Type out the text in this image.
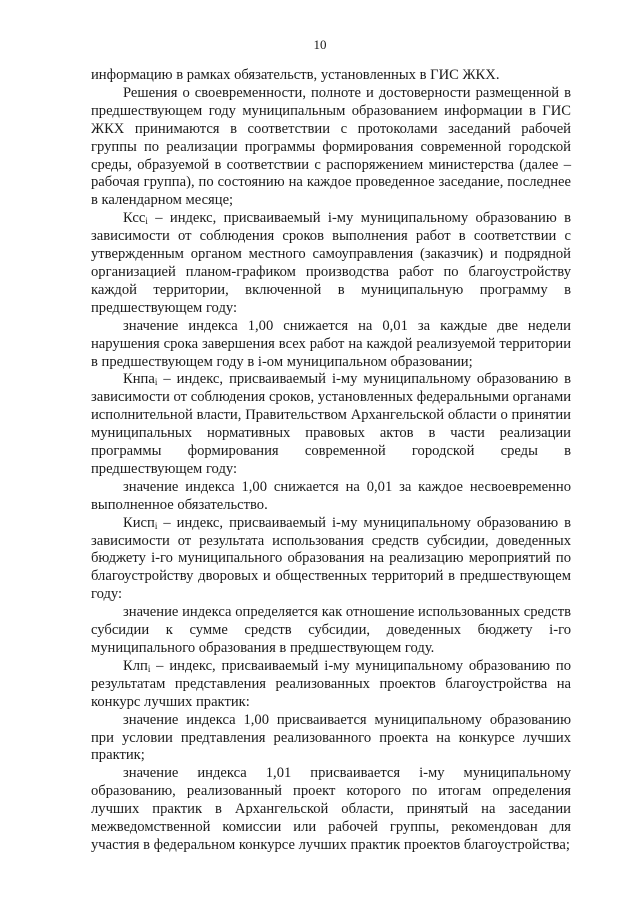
10

информацию в рамках обязательств, установленных в ГИС ЖКХ.

Решения о своевременности, полноте и достоверности размещенной в предшествующем году муниципальным образованием информации в ГИС ЖКХ принимаются в соответствии с протоколами заседаний рабочей группы по реализации программы формирования современной городской среды, образуемой в соответствии с распоряжением министерства (далее – рабочая группа), по состоянию на каждое проведенное заседание, последнее в календарном месяце;

Ксс$_i$ – индекс, присваиваемый i-му муниципальному образованию в зависимости от соблюдения сроков выполнения работ в соответствии с утвержденным органом местного самоуправления (заказчик) и подрядной организацией планом-графиком производства работ по благоустройству каждой территории, включенной в муниципальную программу в предшествующем году:

значение индекса 1,00 снижается на 0,01 за каждые две недели нарушения срока завершения всех работ на каждой реализуемой территории в предшествующем году в i-ом муниципальном образовании;

Кнпа$_i$ – индекс, присваиваемый i-му муниципальному образованию в зависимости от соблюдения сроков, установленных федеральными органами исполнительной власти, Правительством Архангельской области о принятии муниципальных нормативных правовых актов в части реализации программы формирования современной городской среды в предшествующем году:

значение индекса 1,00 снижается на 0,01 за каждое несвоевременно выполненное обязательство.

Кисп$_i$ – индекс, присваиваемый i-му муниципальному образованию в зависимости от результата использования средств субсидии, доведенных бюджету i-го муниципального образования на реализацию мероприятий по благоустройству дворовых и общественных территорий в предшествующем году:

значение индекса определяется как отношение использованных средств субсидии к сумме средств субсидии, доведенных бюджету i-го муниципального образования в предшествующем году.

Клп$_i$ – индекс, присваиваемый i-му муниципальному образованию по результатам представления реализованных проектов благоустройства на конкурс лучших практик:

значение индекса 1,00 присваивается муниципальному образованию при условии предтавления реализованного проекта на конкурсе лучших практик;

значение индекса 1,01 присваивается i-му муниципальному образованию, реализованный проект которого по итогам определения лучших практик в Архангельской области, принятый на заседании межведомственной комиссии или рабочей группы, рекомендован для участия в федеральном конкурсе лучших практик проектов благоустройства;
